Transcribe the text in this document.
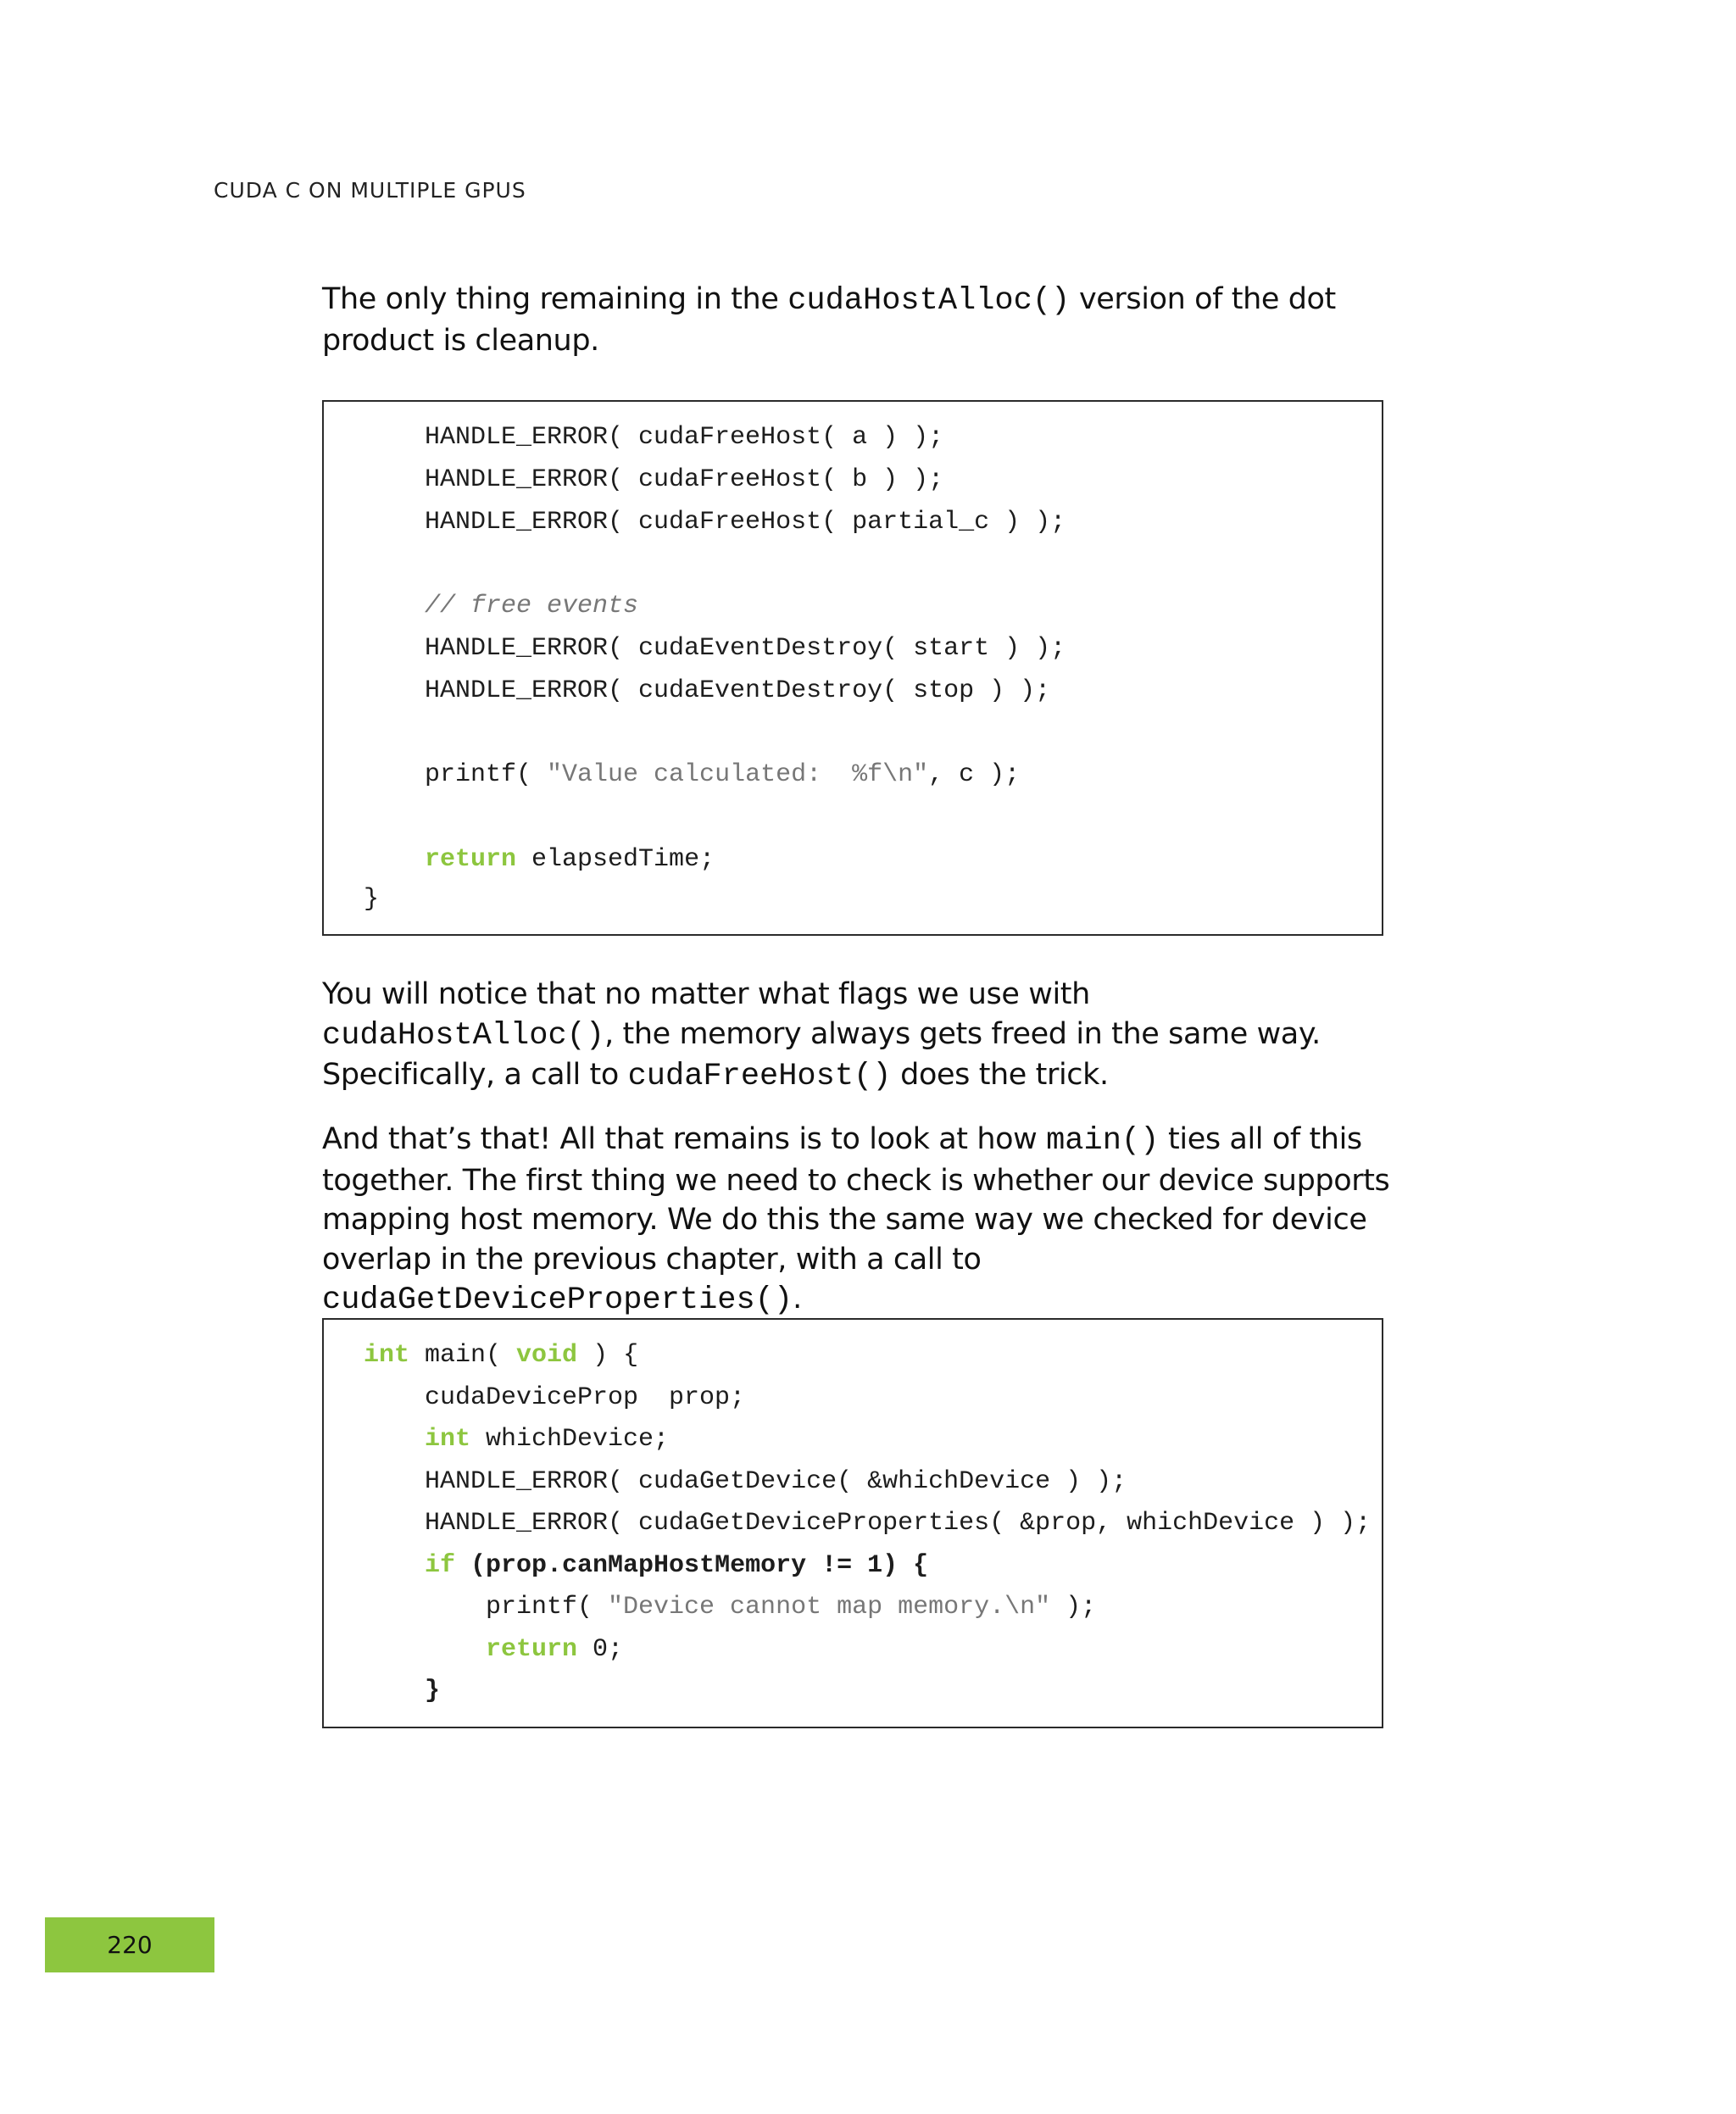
CUDA C ON MULTIPLE GPUS

The only thing remaining in the cudaHostAlloc() version of the dot product is cleanup.

HANDLE_ERROR( cudaFreeHost( a ) );
HANDLE_ERROR( cudaFreeHost( b ) );
HANDLE_ERROR( cudaFreeHost( partial_c ) );
// free events
HANDLE_ERROR( cudaEventDestroy( start ) );
HANDLE_ERROR( cudaEventDestroy( stop ) );
printf( "Value calculated:  %f\n", c );
return elapsedTime;
}

You will notice that no matter what flags we use with cudaHostAlloc(), the memory always gets freed in the same way. Specifically, a call to cudaFreeHost() does the trick.

And that’s that! All that remains is to look at how main() ties all of this together. The first thing we need to check is whether our device supports mapping host memory. We do this the same way we checked for device overlap in the previous chapter, with a call to cudaGetDeviceProperties().

int main( void ) {
cudaDeviceProp  prop;
int whichDevice;
HANDLE_ERROR( cudaGetDevice( &whichDevice ) );
HANDLE_ERROR( cudaGetDeviceProperties( &prop, whichDevice ) );
if (prop.canMapHostMemory != 1) {
printf( "Device cannot map memory.\n" );
return 0;
}
220
